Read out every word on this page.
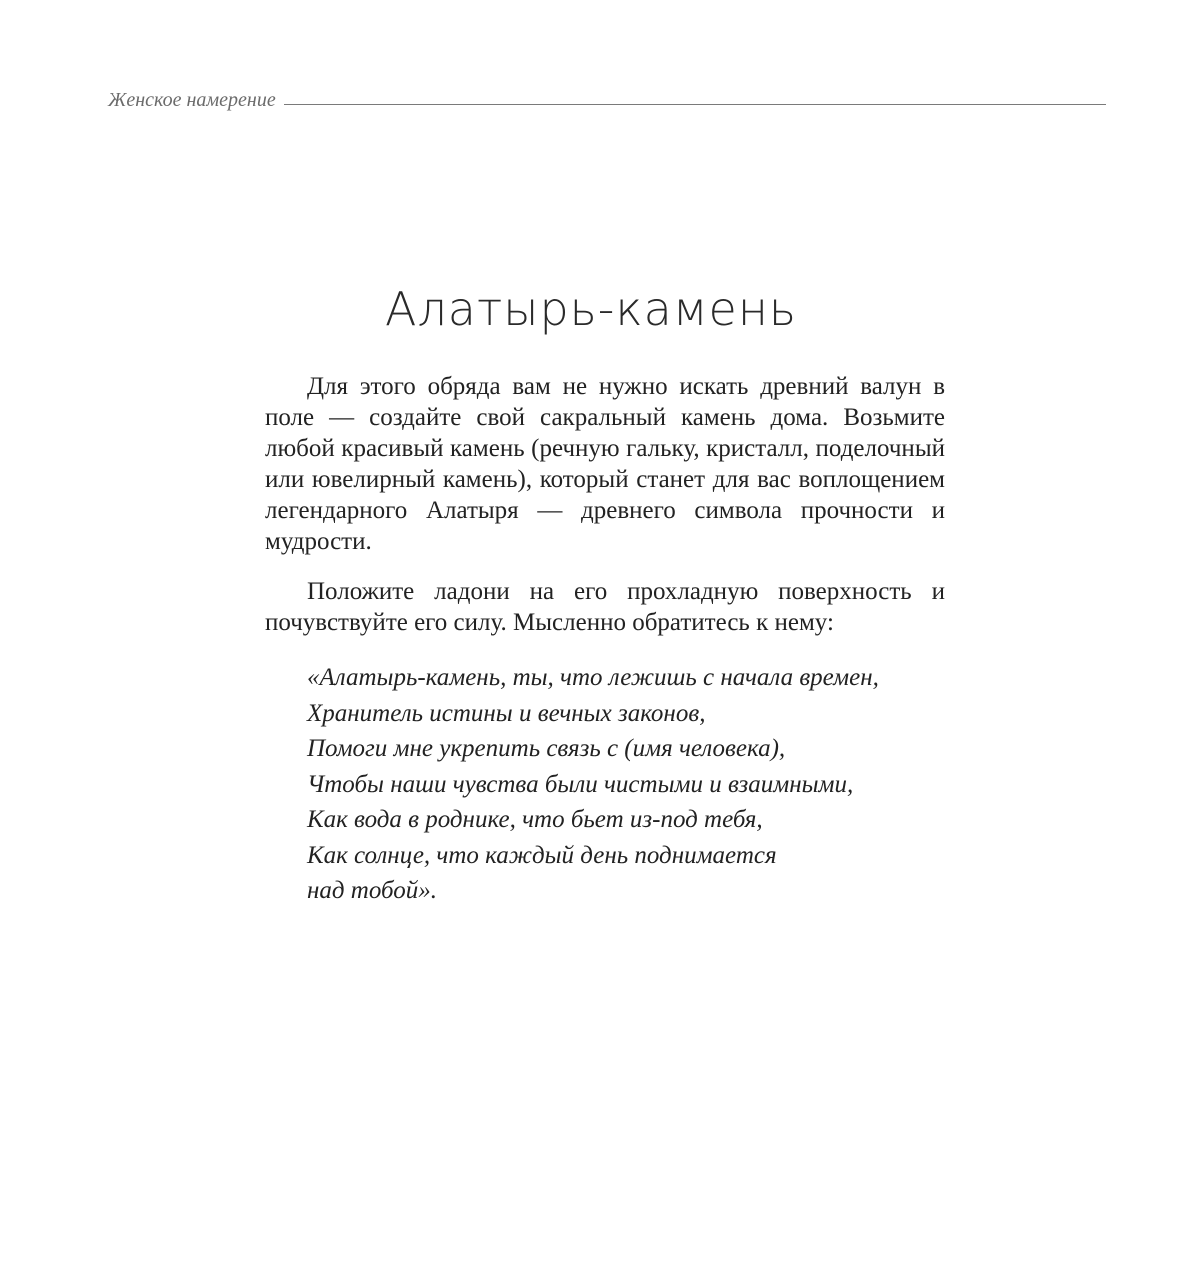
Женское намерение
Алатырь-камень

Для этого обряда вам не нужно искать древний валун в поле — создайте свой сакральный камень дома. Возьмите любой красивый камень (речную гальку, кристалл, поделочный или ювелирный камень), который станет для вас воплощением легендарного Алатыря — древнего символа прочности и мудрости.

Положите ладони на его прохладную поверхность и почувствуйте его силу. Мысленно обратитесь к нему:

«Алатырь-камень, ты, что лежишь с начала времен,
Хранитель истины и вечных законов,
Помоги мне укрепить связь с (имя человека),
Чтобы наши чувства были чистыми и взаимными,
Как вода в роднике, что бьет из-под тебя,
Как солнце, что каждый день поднимается
над тобой».
